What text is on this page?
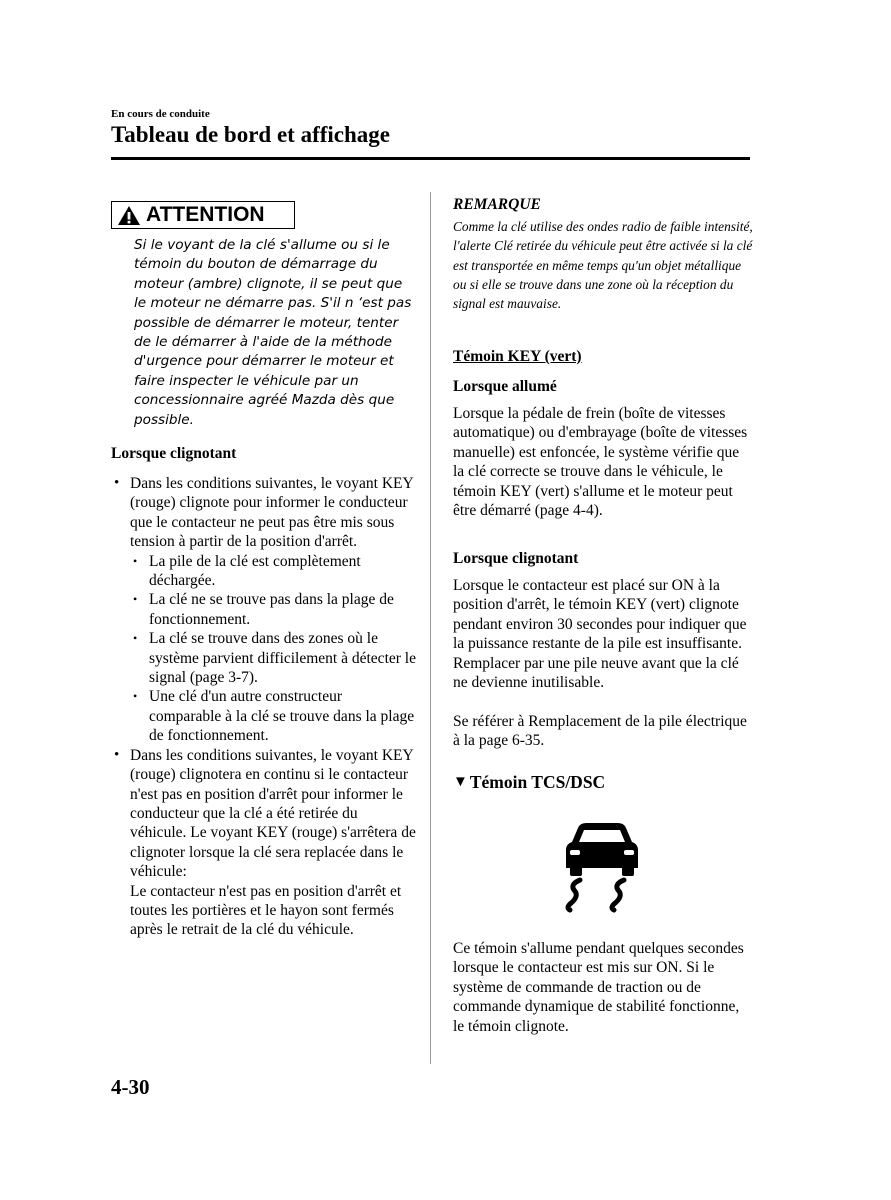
En cours de conduite
Tableau de bord et affichage
ATTENTION

Si le voyant de la clé s'allume ou si le témoin du bouton de démarrage du moteur (ambre) clignote, il se peut que le moteur ne démarre pas. S'il n ‘est pas possible de démarrer le moteur, tenter de le démarrer à l'aide de la méthode d'urgence pour démarrer le moteur et faire inspecter le véhicule par un concessionnaire agréé Mazda dès que possible.

Lorsque clignotant

• Dans les conditions suivantes, le voyant KEY (rouge) clignote pour informer le conducteur que le contacteur ne peut pas être mis sous tension à partir de la position d'arrêt.
• La pile de la clé est complètement déchargée.
• La clé ne se trouve pas dans la plage de fonctionnement.
• La clé se trouve dans des zones où le système parvient difficilement à détecter le signal (page 3-7).
• Une clé d'un autre constructeur comparable à la clé se trouve dans la plage de fonctionnement.
• Dans les conditions suivantes, le voyant KEY (rouge) clignotera en continu si le contacteur n'est pas en position d'arrêt pour informer le conducteur que la clé a été retirée du véhicule. Le voyant KEY (rouge) s'arrêtera de clignoter lorsque la clé sera replacée dans le véhicule:
Le contacteur n'est pas en position d'arrêt et toutes les portières et le hayon sont fermés après le retrait de la clé du véhicule.
REMARQUE

Comme la clé utilise des ondes radio de faible intensité, l'alerte Clé retirée du véhicule peut être activée si la clé est transportée en même temps qu'un objet métallique ou si elle se trouve dans une zone où la réception du signal est mauvaise.

Témoin KEY (vert)

Lorsque allumé

Lorsque la pédale de frein (boîte de vitesses automatique) ou d'embrayage (boîte de vitesses manuelle) est enfoncée, le système vérifie que la clé correcte se trouve dans le véhicule, le témoin KEY (vert) s'allume et le moteur peut être démarré (page 4-4).

Lorsque clignotant

Lorsque le contacteur est placé sur ON à la position d'arrêt, le témoin KEY (vert) clignote pendant environ 30 secondes pour indiquer que la puissance restante de la pile est insuffisante. Remplacer par une pile neuve avant que la clé ne devienne inutilisable.

Se référer à Remplacement de la pile électrique à la page 6-35.

▼ Témoin TCS/DSC

Ce témoin s'allume pendant quelques secondes lorsque le contacteur est mis sur ON. Si le système de commande de traction ou de commande dynamique de stabilité fonctionne, le témoin clignote.

4-30
